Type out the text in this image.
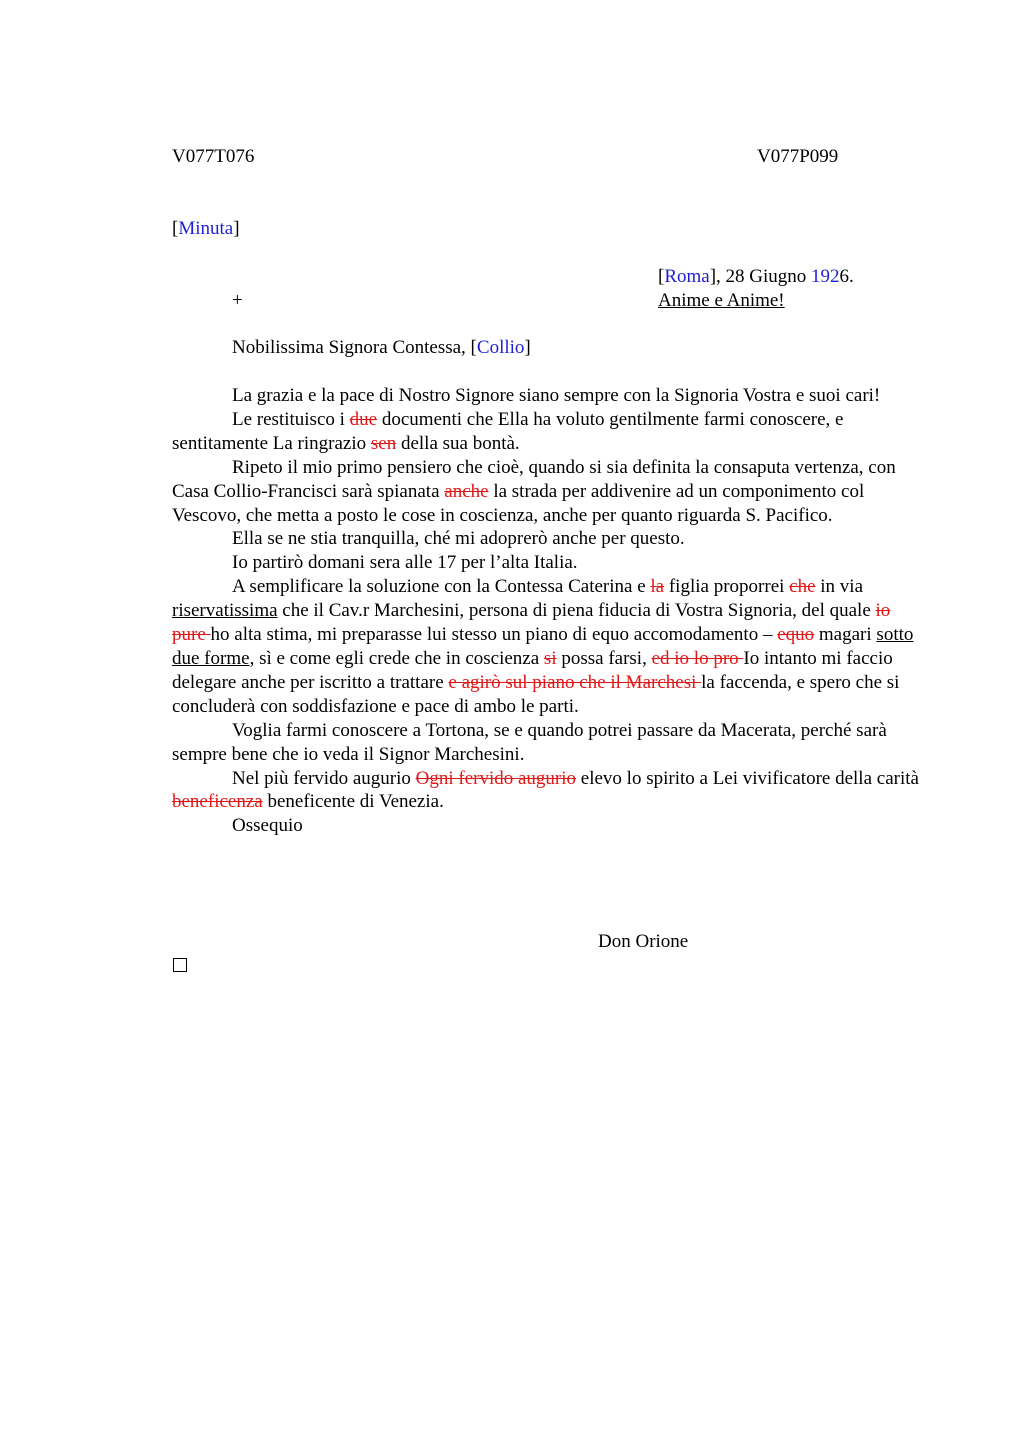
V077T076	V077P099
[Minuta]
[Roma], 28 Giugno 1926.
Anime e Anime!
+
Nobilissima Signora Contessa, [Collio]

La grazia e la pace di Nostro Signore siano sempre con la Signoria Vostra e suoi cari!

Le restituisco i due documenti che Ella ha voluto gentilmente farmi conoscere, e sentitamente La ringrazio sen della sua bontà.

Ripeto il mio primo pensiero che cioè, quando si sia definita la consaputa vertenza, con Casa Collio-Francisci sarà spianata anche la strada per addivenire ad un componimento col Vescovo, che metta a posto le cose in coscienza, anche per quanto riguarda S. Pacifico.

Ella se ne stia tranquilla, ché mi adoprerò anche per questo.

Io partirò domani sera alle 17 per l’alta Italia.

A semplificare la soluzione con la Contessa Caterina e la figlia proporrei che in via riservatissima che il Cav.r Marchesini, persona di piena fiducia di Vostra Signoria, del quale io pure ho alta stima, mi preparasse lui stesso un piano di equo accomodamento – equo magari sotto due forme, sì e come egli crede che in coscienza si possa farsi, ed io lo pro Io intanto mi faccio delegare anche per iscritto a trattare e agirò sul piano che il Marchesi la faccenda, e spero che si concluderà con soddisfazione e pace di ambo le parti.

Voglia farmi conoscere a Tortona, se e quando potrei passare da Macerata, perché sarà sempre bene che io veda il Signor Marchesini.

Nel più fervido augurio Ogni fervido augurio elevo lo spirito a Lei vivificatore della carità beneficenza beneficente di Venezia.

Ossequio

Don Orione
